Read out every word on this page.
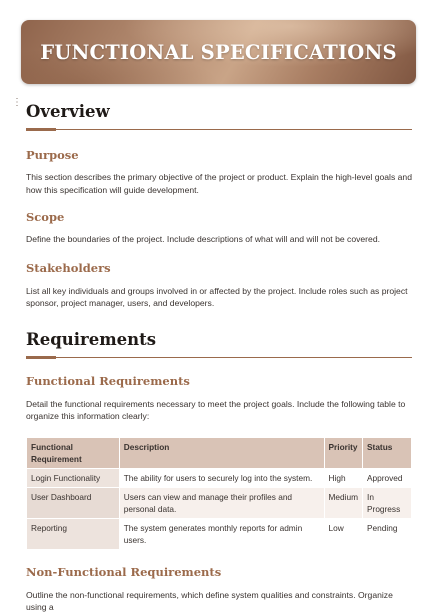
FUNCTIONAL SPECIFICATIONS
⋮ Overview
Purpose

This section describes the primary objective of the project or product. Explain the high-level goals and how this specification will guide development.

Scope

Define the boundaries of the project. Include descriptions of what will and will not be covered.

Stakeholders

List all key individuals and groups involved in or affected by the project. Include roles such as project sponsor, project manager, users, and developers.

Requirements
Functional Requirements

Detail the functional requirements necessary to meet the project goals. Include the following table to organize this information clearly:

Functional Requirement	Description	Priority	Status
Login Functionality	The ability for users to securely log into the system.	High	Approved
User Dashboard	Users can view and manage their profiles and personal data.	Medium	In Progress
Reporting	The system generates monthly reports for admin users.	Low	Pending
Non-Functional Requirements

Outline the non-functional requirements, which define system qualities and constraints. Organize using a
